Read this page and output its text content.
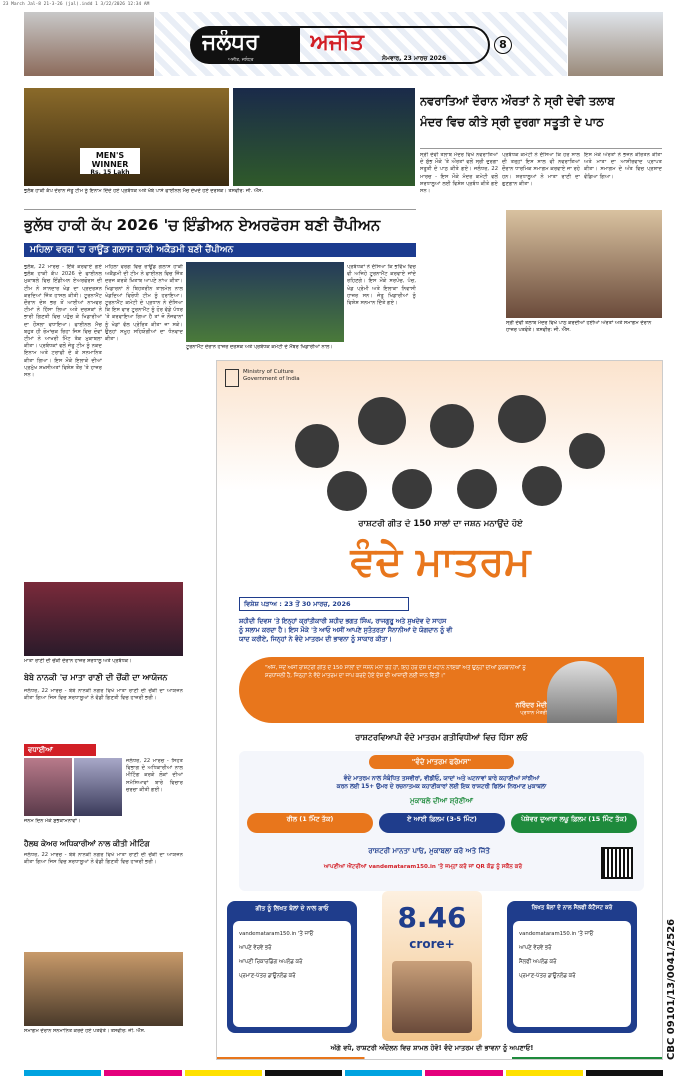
23 March Jal-8 21-3-26 (jal).indd 1 3/22/2026 12:34 AM
ਜਲੰਧਰ	ਅਜੀਤ
ਅਜੀਤ, ਜਲੰਧਰ	ਸੋਮਵਾਰ, 23 ਮਾਰਚ 2026
8
MEN'S WINNER
Rs. 15 Lakh
ਭੁਲੱਥ ਹਾਕੀ ਕੱਪ ਦੌਰਾਨ ਜੇਤੂ ਟੀਮ ਨੂੰ ਇਨਾਮ ਦਿੰਦੇ ਹੋਏ ਪ੍ਰਬੰਧਕ ਅਤੇ ਖੱਬੇ ਪਾਸੇ ਫਾਈਨਲ ਮੈਚ ਦੇਖਦੇ ਹੋਏ ਦਰਸ਼ਕ। ਤਸਵੀਰ: ਜੀ. ਐੱਸ.
ਭੁਲੱਥ ਹਾਕੀ ਕੱਪ 2026 'ਚ ਇੰਡੀਅਨ ਏਅਰਫੋਰਸ ਬਣੀ ਚੈਂਪੀਅਨ
ਮਹਿਲਾ ਵਰਗ 'ਚ ਰਾਊਂਡ ਗਲਾਸ ਹਾਕੀ ਅਕੈਡਮੀ ਬਣੀ ਚੈਂਪੀਅਨ
ਭੁਲੱਥ, 22 ਮਾਰਚ - ਇੱਥੇ ਕਰਵਾਏ ਗਏ ਭੁਲੱਥ ਹਾਕੀ ਕੱਪ 2026 ਦੇ ਫਾਈਨਲ ਮੁਕਾਬਲੇ ਵਿਚ ਇੰਡੀਅਨ ਏਅਰਫੋਰਸ ਦੀ ਟੀਮ ਨੇ ਸ਼ਾਨਦਾਰ ਖੇਡ ਦਾ ਪ੍ਰਦਰਸ਼ਨ ਕਰਦਿਆਂ ਜਿੱਤ ਹਾਸਲ ਕੀਤੀ। ਟੂਰਨਾਮੈਂਟ ਦੌਰਾਨ ਦੇਸ਼ ਭਰ ਤੋਂ ਆਈਆਂ ਨਾਮਵਰ ਟੀਮਾਂ ਨੇ ਹਿੱਸਾ ਲਿਆ ਅਤੇ ਦਰਸ਼ਕਾਂ ਨੇ ਭਾਰੀ ਗਿਣਤੀ ਵਿਚ ਪਹੁੰਚ ਕੇ ਖਿਡਾਰੀਆਂ ਦਾ ਹੌਸਲਾ ਵਧਾਇਆ। ਫਾਈਨਲ ਮੈਚ ਬਹੁਤ ਹੀ ਰੋਮਾਂਚਕ ਰਿਹਾ ਜਿਸ ਵਿਚ ਦੋਵਾਂ ਟੀਮਾਂ ਨੇ ਆਖਰੀ ਮਿੰਟ ਤੱਕ ਮੁਕਾਬਲਾ ਕੀਤਾ। ਪ੍ਰਬੰਧਕਾਂ ਵਲੋਂ ਜੇਤੂ ਟੀਮ ਨੂੰ ਨਕਦ ਇਨਾਮ ਅਤੇ ਟਰਾਫੀ ਦੇ ਕੇ ਸਨਮਾਨਿਤ ਕੀਤਾ ਗਿਆ। ਇਸ ਮੌਕੇ ਇਲਾਕੇ ਦੀਆਂ ਪ੍ਰਮੁੱਖ ਸ਼ਖ਼ਸੀਅਤਾਂ ਵਿਸ਼ੇਸ਼ ਤੌਰ 'ਤੇ ਹਾਜ਼ਰ ਸਨ।
ਮਹਿਲਾ ਵਰਗ ਵਿਚ ਰਾਊਂਡ ਗਲਾਸ ਹਾਕੀ ਅਕੈਡਮੀ ਦੀ ਟੀਮ ਨੇ ਫਾਈਨਲ ਵਿਚ ਜਿੱਤ ਦਰਜ ਕਰਕੇ ਖ਼ਿਤਾਬ ਆਪਣੇ ਨਾਂਅ ਕੀਤਾ। ਖਿਡਾਰਨਾਂ ਨੇ ਬਿਹਤਰੀਨ ਤਾਲਮੇਲ ਨਾਲ ਖੇਡਦਿਆਂ ਵਿਰੋਧੀ ਟੀਮ ਨੂੰ ਹਰਾਇਆ। ਟੂਰਨਾਮੈਂਟ ਕਮੇਟੀ ਦੇ ਪ੍ਰਧਾਨ ਨੇ ਦੱਸਿਆ ਕਿ ਇਸ ਵਾਰ ਟੂਰਨਾਮੈਂਟ ਨੂੰ ਹੋਰ ਵੱਡੇ ਪੱਧਰ 'ਤੇ ਕਰਵਾਇਆ ਗਿਆ ਹੈ ਤਾਂ ਜੋ ਨੌਜਵਾਨਾਂ ਨੂੰ ਖੇਡਾਂ ਵੱਲ ਪ੍ਰੇਰਿਤ ਕੀਤਾ ਜਾ ਸਕੇ। ਉਨ੍ਹਾਂ ਸਮੂਹ ਸਹਿਯੋਗੀਆਂ ਦਾ ਧੰਨਵਾਦ ਕੀਤਾ।
ਟੂਰਨਾਮੈਂਟ ਦੌਰਾਨ ਹਾਜ਼ਰ ਦਰਸ਼ਕ ਅਤੇ ਪ੍ਰਬੰਧਕ ਕਮੇਟੀ ਦੇ ਮੈਂਬਰ ਖਿਡਾਰੀਆਂ ਨਾਲ।
ਪ੍ਰਬੰਧਕਾਂ ਨੇ ਦੱਸਿਆ ਕਿ ਭਵਿੱਖ ਵਿਚ ਵੀ ਅਜਿਹੇ ਟੂਰਨਾਮੈਂਟ ਕਰਵਾਏ ਜਾਂਦੇ ਰਹਿਣਗੇ। ਇਸ ਮੌਕੇ ਸਰਪੰਚ, ਪੰਚ, ਖੇਡ ਪ੍ਰੇਮੀ ਅਤੇ ਇਲਾਕਾ ਨਿਵਾਸੀ ਹਾਜ਼ਰ ਸਨ। ਜੇਤੂ ਖਿਡਾਰੀਆਂ ਨੂੰ ਵਿਸ਼ੇਸ਼ ਸਨਮਾਨ ਦਿੱਤੇ ਗਏ।
ਨਵਰਾਤਿਆਂ ਦੌਰਾਨ ਔਰਤਾਂ ਨੇ ਸ੍ਰੀ ਦੇਵੀ ਤਲਾਬ
ਮੰਦਰ ਵਿਚ ਕੀਤੇ ਸ੍ਰੀ ਦੁਰਗਾ ਸਤੂਤੀ ਦੇ ਪਾਠ
ਸ੍ਰੀ ਦੇਵੀ ਤਲਾਬ ਮੰਦਰ ਵਿਖੇ ਨਵਰਾਤਿਆਂ ਦੇ ਸ਼ੁੱਭ ਮੌਕੇ 'ਤੇ ਔਰਤਾਂ ਵਲੋਂ ਸ੍ਰੀ ਦੁਰਗਾ ਸਤੂਤੀ ਦੇ ਪਾਠ ਕੀਤੇ ਗਏ। ਜਲੰਧਰ, 22 ਮਾਰਚ - ਇਸ ਮੌਕੇ ਮੰਦਰ ਕਮੇਟੀ ਵਲੋਂ ਸ਼ਰਧਾਲੂਆਂ ਲਈ ਵਿਸ਼ੇਸ਼ ਪ੍ਰਬੰਧ ਕੀਤੇ ਗਏ ਸਨ।
ਪ੍ਰਬੰਧਕ ਕਮੇਟੀ ਨੇ ਦੱਸਿਆ ਕਿ ਹਰ ਸਾਲ ਦੀ ਤਰ੍ਹਾਂ ਇਸ ਸਾਲ ਵੀ ਨਵਰਾਤਿਆਂ ਦੌਰਾਨ ਧਾਰਮਿਕ ਸਮਾਗਮ ਕਰਵਾਏ ਜਾ ਰਹੇ ਹਨ। ਸ਼ਰਧਾਲੂਆਂ ਨੇ ਮਾਤਾ ਰਾਣੀ ਦਾ ਗੁਣਗਾਨ ਕੀਤਾ।
ਇਸ ਮੌਕੇ ਔਰਤਾਂ ਨੇ ਭਜਨ ਕੀਰਤਨ ਕੀਤਾ ਅਤੇ ਮਾਤਾ ਦਾ ਆਸ਼ੀਰਵਾਦ ਪ੍ਰਾਪਤ ਕੀਤਾ। ਸਮਾਗਮ ਦੇ ਅੰਤ ਵਿਚ ਪ੍ਰਸ਼ਾਦ ਵੰਡਿਆ ਗਿਆ।
ਸ੍ਰੀ ਦੇਵੀ ਤਲਾਬ ਮੰਦਰ ਵਿਖੇ ਪਾਠ ਕਰਦੀਆਂ ਹੋਈਆਂ ਔਰਤਾਂ ਅਤੇ ਸਮਾਗਮ ਦੌਰਾਨ ਹਾਜ਼ਰ ਪਤਵੰਤੇ। ਤਸਵੀਰ: ਜੀ. ਐੱਸ.
ਮਾਤਾ ਰਾਣੀ ਦੀ ਚੌਂਕੀ ਦੌਰਾਨ ਹਾਜ਼ਰ ਸ਼ਰਧਾਲੂ ਅਤੇ ਪ੍ਰਬੰਧਕ।
ਬੇਬੇ ਨਾਨਕੀ 'ਚ ਮਾਤਾ ਰਾਣੀ ਦੀ ਚੌਂਕੀ ਦਾ ਆਯੋਜਨ
ਜਲੰਧਰ, 22 ਮਾਰਚ - ਬੇਬੇ ਨਾਨਕੀ ਨਗਰ ਵਿਖੇ ਮਾਤਾ ਰਾਣੀ ਦੀ ਚੌਂਕੀ ਦਾ ਆਯੋਜਨ ਕੀਤਾ ਗਿਆ ਜਿਸ ਵਿਚ ਸ਼ਰਧਾਲੂਆਂ ਨੇ ਵੱਡੀ ਗਿਣਤੀ ਵਿਚ ਹਾਜ਼ਰੀ ਭਰੀ।
ਵਧਾਈਆਂ
ਜਨਮ ਦਿਨ ਮੌਕੇ ਸ਼ੁਭਕਾਮਨਾਵਾਂ।
ਜਲੰਧਰ, 22 ਮਾਰਚ - ਸਿਹਤ ਵਿਭਾਗ ਦੇ ਅਧਿਕਾਰੀਆਂ ਨਾਲ ਮੀਟਿੰਗ ਕਰਕੇ ਲੋਕਾਂ ਦੀਆਂ ਸਮੱਸਿਆਵਾਂ ਬਾਰੇ ਵਿਚਾਰ ਚਰਚਾ ਕੀਤੀ ਗਈ।
ਹੈਲਥ ਕੇਅਰ ਅਧਿਕਾਰੀਆਂ ਨਾਲ ਕੀਤੀ ਮੀਟਿੰਗ
ਜਲੰਧਰ, 22 ਮਾਰਚ - ਬੇਬੇ ਨਾਨਕੀ ਨਗਰ ਵਿਖੇ ਮਾਤਾ ਰਾਣੀ ਦੀ ਚੌਂਕੀ ਦਾ ਆਯੋਜਨ ਕੀਤਾ ਗਿਆ ਜਿਸ ਵਿਚ ਸ਼ਰਧਾਲੂਆਂ ਨੇ ਵੱਡੀ ਗਿਣਤੀ ਵਿਚ ਹਾਜ਼ਰੀ ਭਰੀ।
ਸਮਾਗਮ ਦੌਰਾਨ ਸਨਮਾਨਿਤ ਕਰਦੇ ਹੋਏ ਪਤਵੰਤੇ। ਤਸਵੀਰ: ਜੀ. ਐੱਸ.
Ministry of Culture
Government of India
ਰਾਸ਼ਟਰੀ ਗੀਤ ਦੇ 150 ਸਾਲਾਂ ਦਾ ਜਸ਼ਨ ਮਨਾਉਂਦੇ ਹੋਏ
ਵੰਦੇ ਮਾਤਰਮ
ਵਿਸ਼ੇਸ਼ ਪੜਾਅ : 23 ਤੋਂ 30 ਮਾਰਚ, 2026
ਸ਼ਹੀਦੀ ਦਿਵਸ 'ਤੇ ਇਨ੍ਹਾਂ ਕ੍ਰਾਂਤੀਕਾਰੀ ਸ਼ਹੀਦ ਭਗਤ ਸਿੰਘ, ਰਾਜਗੁਰੂ ਅਤੇ ਸੁਖਦੇਵ ਦੇ ਸਾਹਸ
ਨੂੰ ਸਲਾਮ ਕਰਦਾ ਹੈ। ਇਸ ਮੌਕੇ 'ਤੇ ਆਓ ਅਸੀਂ ਆਪਣੇ ਸੁਤੰਤਰਤਾ ਸੈਨਾਨੀਆਂ ਦੇ ਯੋਗਦਾਨ ਨੂੰ ਵੀ
ਯਾਦ ਕਰੀਏ, ਜਿਨ੍ਹਾਂ ਨੇ ਵੰਦੇ ਮਾਤਰਮ ਦੀ ਭਾਵਨਾ ਨੂੰ ਸਾਕਾਰ ਕੀਤਾ।
"ਅੱਜ, ਜਦੋਂ ਅਸੀਂ ਰਾਸ਼ਟਰੀ ਗੀਤ ਦੇ 150 ਸਾਲਾਂ ਦਾ ਜਸ਼ਨ ਮਨਾ ਰਹੇ ਹਾਂ, ਇਹ ਹਰ ਦੇਸ਼ ਦੇ ਮਹਾਨ ਨਾਇਕਾਂ ਅਤੇ ਉਨ੍ਹਾਂ ਦੀਆਂ ਕੁਰਬਾਨੀਆਂ ਨੂੰ ਸ਼ਰਧਾਂਜਲੀ ਹੈ, ਜਿਨ੍ਹਾਂ ਨੇ ਵੰਦੇ ਮਾਤਰਮ ਦਾ ਜਾਪ ਕਰਦੇ ਹੋਏ ਦੇਸ਼ ਦੀ ਆਜ਼ਾਦੀ ਲਈ ਜਾਨ ਦਿੱਤੀ।"
ਨਰਿੰਦਰ ਮੋਦੀ
ਪ੍ਰਧਾਨ ਮੰਤਰੀ
ਰਾਸ਼ਟਰਵਿਆਪੀ ਵੰਦੇ ਮਾਤਰਮ ਗਤੀਵਿਧੀਆਂ ਵਿਚ ਹਿੱਸਾ ਲਓ
"ਵੰਦੇ ਮਾਤਰਮ ਫਰੇਮਸ"
ਵੰਦੇ ਮਾਤਰਮ ਨਾਲ ਸੰਬੰਧਿਤ ਤਸਵੀਰਾਂ, ਵੀਡੀਓ, ਯਾਦਾਂ ਅਤੇ ਘਟਨਾਵਾਂ ਬਾਰੇ ਕਹਾਣੀਆਂ ਸਾਂਝੀਆਂ
ਕਰਨ ਲਈ 15+ ਉਮਰ ਦੇ ਰਚਨਾਤਮਕ ਕਹਾਣੀਕਾਰਾਂ ਲਈ ਇਕ ਰਾਸ਼ਟਰੀ ਫਿਲਮ ਨਿਰਮਾਣ ਮੁਕਾਬਲਾ
ਮੁਕਾਬਲੇ ਦੀਆਂ ਸ਼੍ਰੇਣੀਆਂ
ਰੀਲ (1 ਮਿੰਟ ਤੱਕ)	ਏ ਆਈ ਫ਼ਿਲਮ (3-5 ਮਿੰਟ)	ਪੇਸ਼ੇਵਰ ਦੁਆਰਾ ਲਘੂ ਫ਼ਿਲਮ (15 ਮਿੰਟ ਤੱਕ)
ਰਾਸ਼ਟਰੀ ਮਾਨਤਾ ਪਾਓ, ਮੁਕਾਬਲਾ ਕਰੋ ਅਤੇ ਜਿੱਤੋ
ਆਪਣੀਆਂ ਐਂਟਰੀਆਂ vandemataram150.in 'ਤੇ ਜਮ੍ਹਾਂ ਕਰੋ ਜਾਂ QR ਕੋਡ ਨੂੰ ਸਕੈਨ ਕਰੋ
ਗੀਤ ਨੂੰ ਲਿਖਤ ਬੋਲਾਂ ਦੇ ਨਾਲ ਗਾਓ
vandemataram150.in 'ਤੇ ਜਾਓ
ਆਪਣੇ ਵੇਰਵੇ ਭਰੋ
ਆਪਣੀ ਰਿਕਾਰਡਿੰਗ ਅਪਲੋਡ ਕਰੋ
ਪ੍ਰਮਾਣ-ਪੱਤਰ ਡਾਊਨਲੋਡ ਕਰੋ
8.46
crore+
ਲਿਖਤ ਬੋਲਾਂ ਦੇ ਨਾਲ ਸੈਲਫੀ ਕੰਟੈਸਟ ਕਰੋ
vandemataram150.in 'ਤੇ ਜਾਓ
ਆਪਣੇ ਵੇਰਵੇ ਭਰੋ
ਸੈਲਫੀ ਅਪਲੋਡ ਕਰੋ
ਪ੍ਰਮਾਣ-ਪੱਤਰ ਡਾਊਨਲੋਡ ਕਰੋ
ਅੱਗੇ ਵਧੋ, ਰਾਸ਼ਟਰੀ ਅੰਦੋਲਨ ਵਿਚ ਸ਼ਾਮਲ ਹੋਵੋ! ਵੰਦੇ ਮਾਤਰਮ ਦੀ ਭਾਵਨਾ ਨੂੰ ਅਪਣਾਓ!	CBC 09101/13/0041/2526
